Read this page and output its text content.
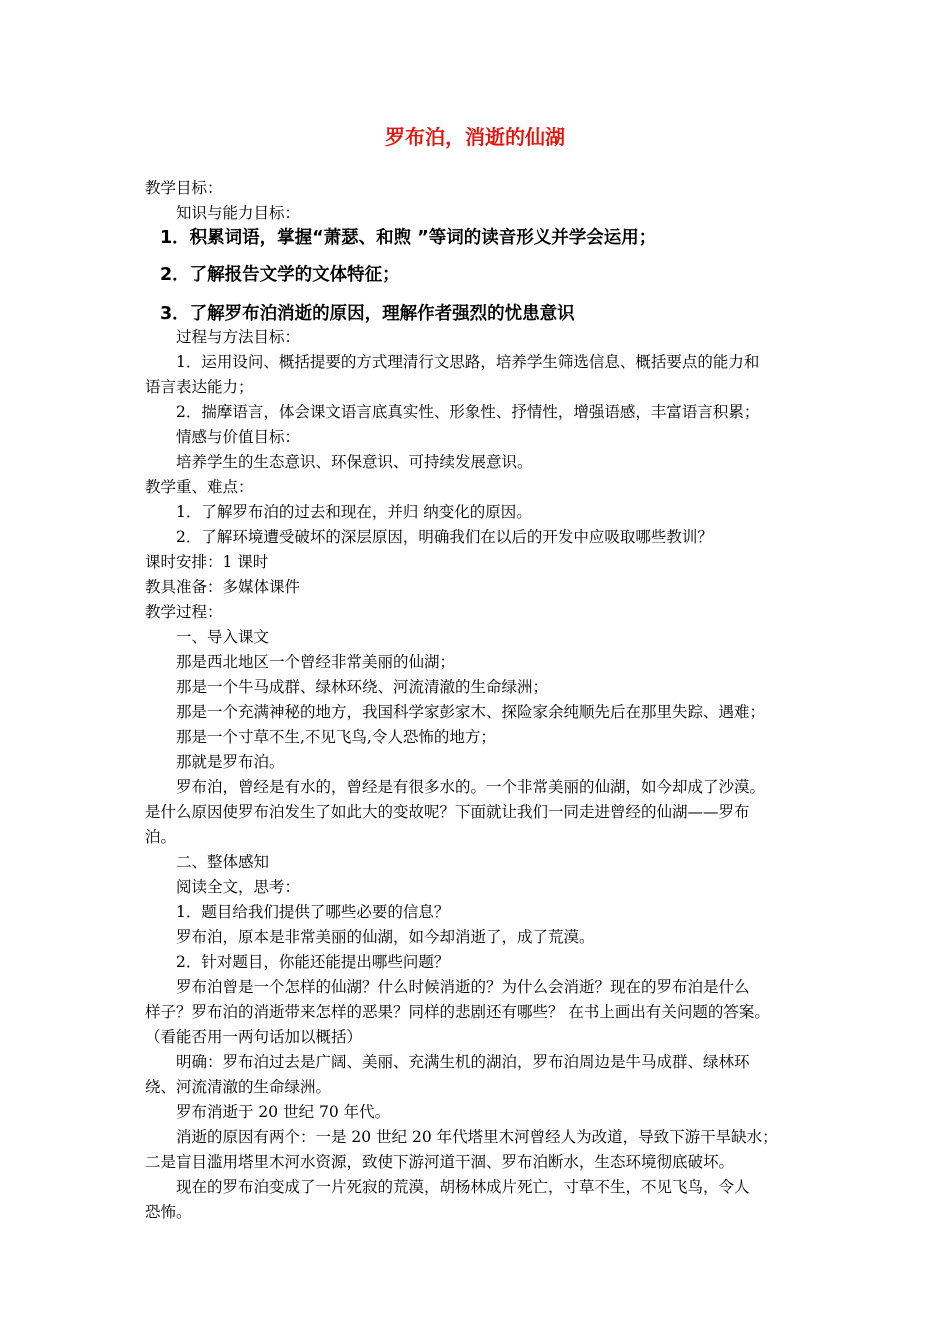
罗布泊，消逝的仙湖
教学目标：
知识与能力目标：
1．积累词语，掌握“萧瑟、和煦 ”等词的读音形义并学会运用；
2．了解报告文学的文体特征；
3．了解罗布泊消逝的原因，理解作者强烈的忧患意识
过程与方法目标：
1．运用设问、概括提要的方式理清行文思路，培养学生筛选信息、概括要点的能力和
语言表达能力；
2．揣摩语言，体会课文语言底真实性、形象性、抒情性，增强语感，丰富语言积累；
情感与价值目标：
培养学生的生态意识、环保意识、可持续发展意识。
教学重、难点：
1．了解罗布泊的过去和现在，并归 纳变化的原因。
2．了解环境遭受破坏的深层原因，明确我们在以后的开发中应吸取哪些教训？
课时安排：1 课时
教具准备：多媒体课件
教学过程：
一、导入课文
那是西北地区一个曾经非常美丽的仙湖；
那是一个牛马成群、绿林环绕、河流清澈的生命绿洲；
那是一个充满神秘的地方，我国科学家彭家木、探险家余纯顺先后在那里失踪、遇难；
那是一个寸草不生,不见飞鸟,令人恐怖的地方；
那就是罗布泊。
罗布泊，曾经是有水的，曾经是有很多水的。一个非常美丽的仙湖，如今却成了沙漠。
是什么原因使罗布泊发生了如此大的变故呢？下面就让我们一同走进曾经的仙湖——罗布
泊。
二、整体感知
阅读全文，思考：
1．题目给我们提供了哪些必要的信息？
罗布泊，原本是非常美丽的仙湖，如今却消逝了，成了荒漠。
2．针对题目，你能还能提出哪些问题？
罗布泊曾是一个怎样的仙湖？什么时候消逝的？为什么会消逝？现在的罗布泊是什么
样子？罗布泊的消逝带来怎样的恶果？同样的悲剧还有哪些？ 在书上画出有关问题的答案。
（看能否用一两句话加以概括）
明确：罗布泊过去是广阔、美丽、充满生机的湖泊，罗布泊周边是牛马成群、绿林环
绕、河流清澈的生命绿洲。
罗布消逝于 20 世纪 70 年代。
消逝的原因有两个：一是 20 世纪 20 年代塔里木河曾经人为改道，导致下游干旱缺水；
二是盲目滥用塔里木河水资源，致使下游河道干涸、罗布泊断水，生态环境彻底破坏。
现在的罗布泊变成了一片死寂的荒漠，胡杨林成片死亡，寸草不生，不见飞鸟，令人
恐怖。
